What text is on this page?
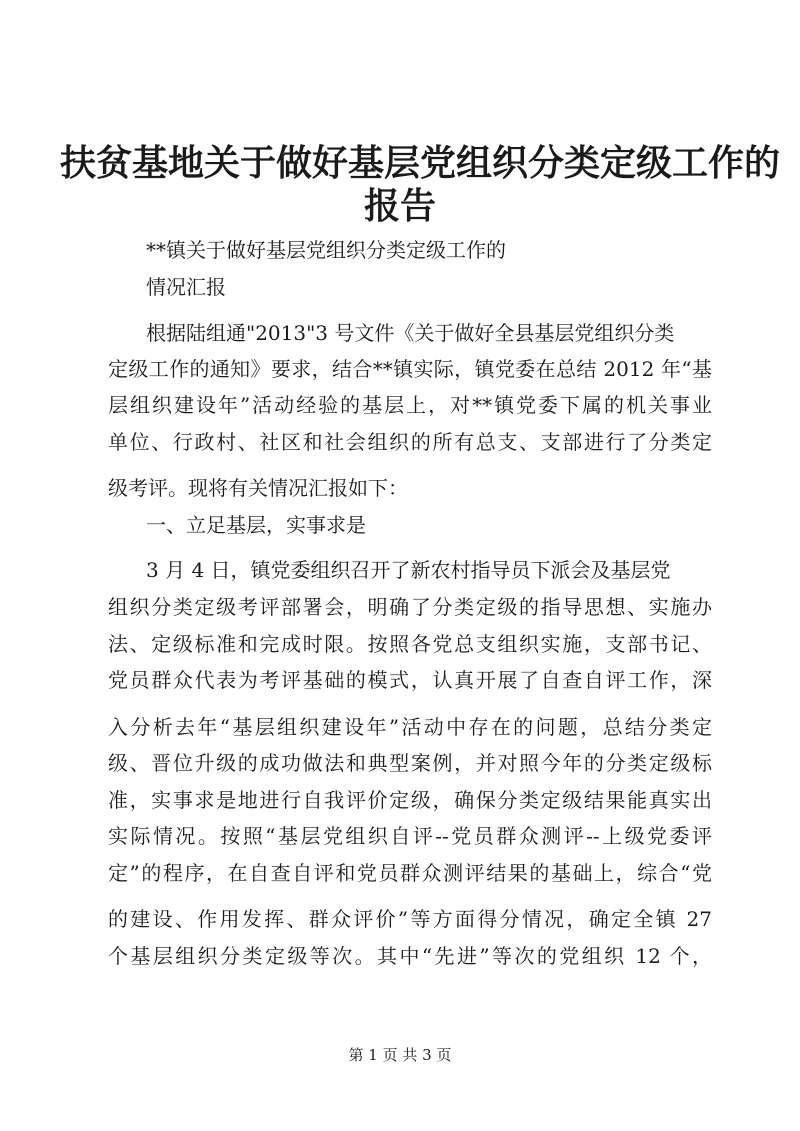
扶贫基地关于做好基层党组织分类定级工作的
报告

**镇关于做好基层党组织分类定级工作的

情况汇报

根据陆组通"2013"3 号文件《关于做好全县基层党组织分类

定级工作的通知》要求，结合**镇实际，镇党委在总结 2012 年“基

层组织建设年”活动经验的基层上，对**镇党委下属的机关事业

单位、行政村、社区和社会组织的所有总支、支部进行了分类定

级考评。现将有关情况汇报如下：

一、立足基层，实事求是

3 月 4 日，镇党委组织召开了新农村指导员下派会及基层党

组织分类定级考评部署会，明确了分类定级的指导思想、实施办

法、定级标准和完成时限。按照各党总支组织实施，支部书记、

党员群众代表为考评基础的模式，认真开展了自查自评工作，深

入分析去年“基层组织建设年”活动中存在的问题，总结分类定

级、晋位升级的成功做法和典型案例，并对照今年的分类定级标

准，实事求是地进行自我评价定级，确保分类定级结果能真实出

实际情况。按照“基层党组织自评--党员群众测评--上级党委评

定”的程序，在自查自评和党员群众测评结果的基础上，综合“党

的建设、作用发挥、群众评价”等方面得分情况，确定全镇 27

个基层组织分类定级等次。其中“先进”等次的党组织 12 个，

第 1 页 共 3 页
